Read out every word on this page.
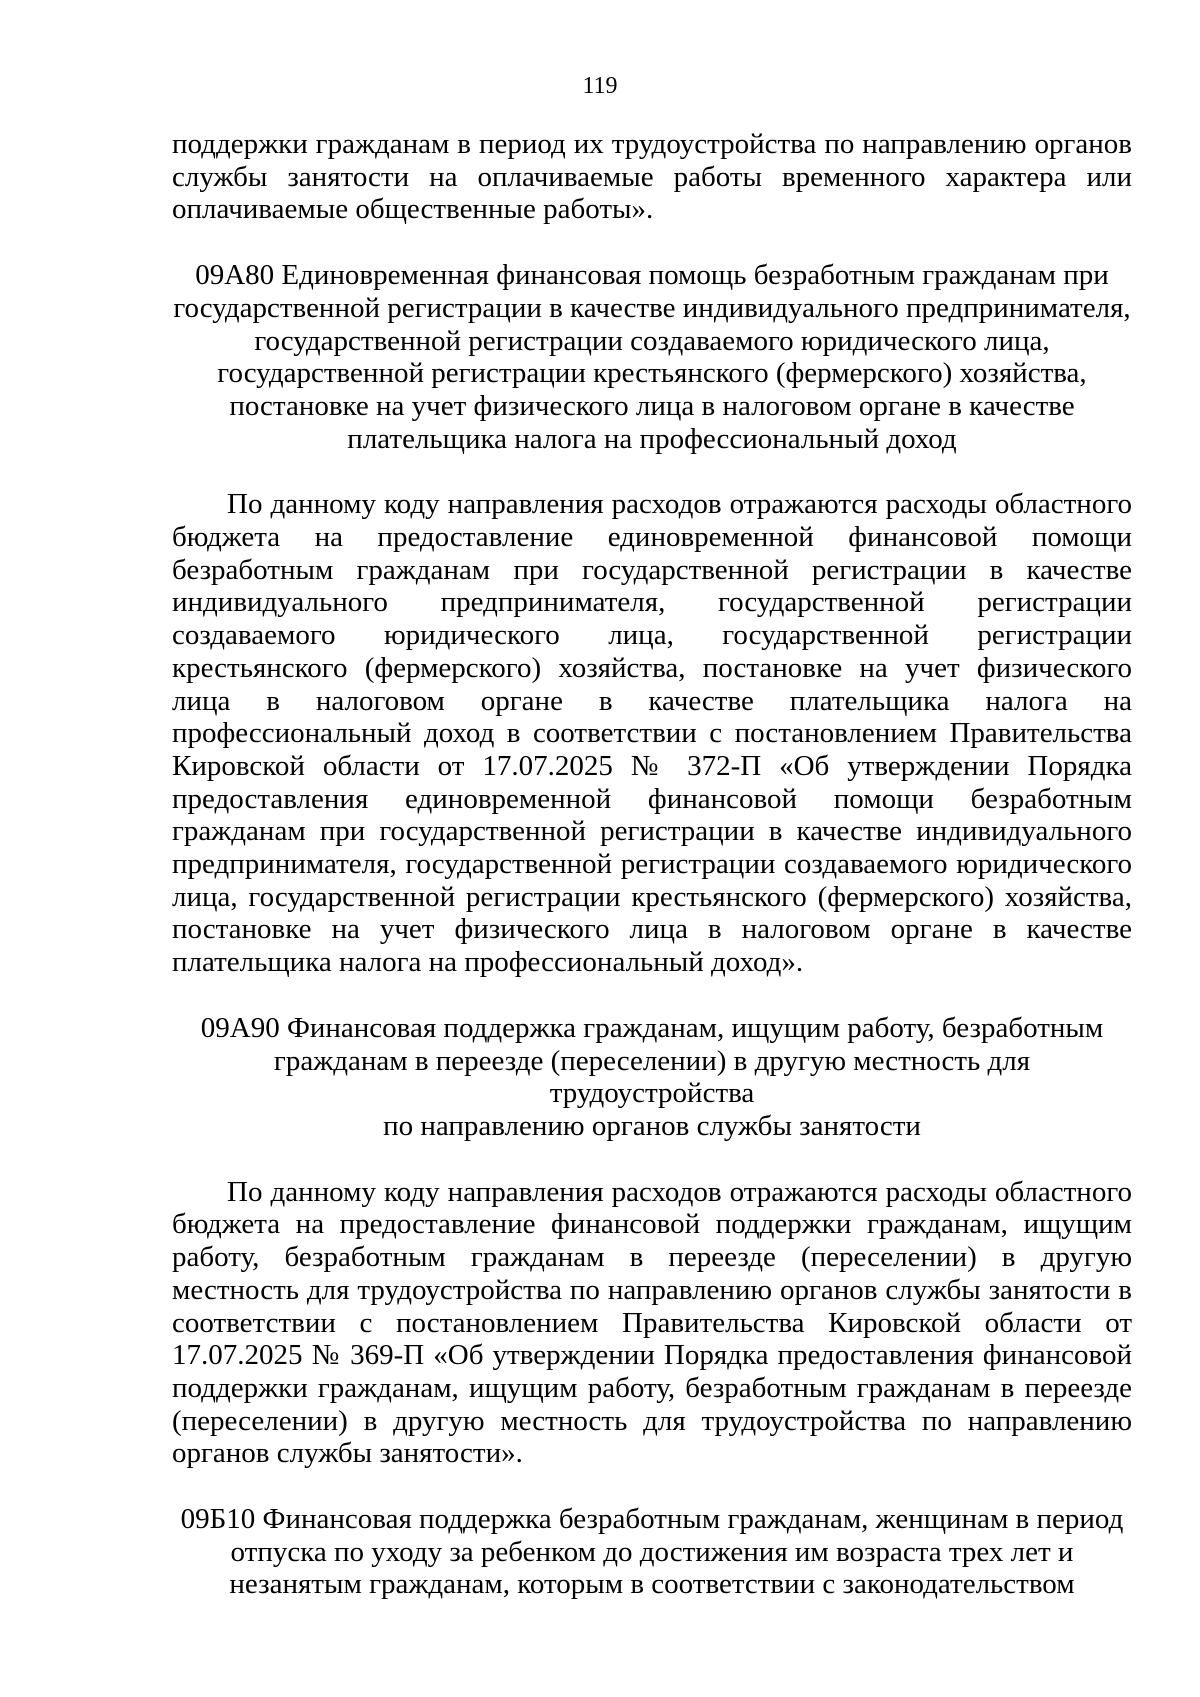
119

поддержки гражданам в период их трудоустройства по направлению органов службы занятости на оплачиваемые работы временного характера или оплачиваемые общественные работы».

09А80 Единовременная финансовая помощь безработным гражданам при
государственной регистрации в качестве индивидуального предпринимателя,
государственной регистрации создаваемого юридического лица,
государственной регистрации крестьянского (фермерского) хозяйства,
постановке на учет физического лица в налоговом органе в качестве
плательщика налога на профессиональный доход

По данному коду направления расходов отражаются расходы областного бюджета на предоставление единовременной финансовой помощи безработным гражданам при государственной регистрации в качестве индивидуального предпринимателя, государственной регистрации создаваемого юридического лица, государственной регистрации крестьянского (фермерского) хозяйства, постановке на учет физического лица в налоговом органе в качестве плательщика налога на профессиональный доход в соответствии с постановлением Правительства Кировской области от 17.07.2025 № 372-П «Об утверждении Порядка предоставления единовременной финансовой помощи безработным гражданам при государственной регистрации в качестве индивидуального предпринимателя, государственной регистрации создаваемого юридического лица, государственной регистрации крестьянского (фермерского) хозяйства, постановке на учет физического лица в налоговом органе в качестве плательщика налога на профессиональный доход».

09А90 Финансовая поддержка гражданам, ищущим работу, безработным
гражданам в переезде (переселении) в другую местность для трудоустройства
по направлению органов службы занятости

По данному коду направления расходов отражаются расходы областного бюджета на предоставление финансовой поддержки гражданам, ищущим работу, безработным гражданам в переезде (переселении) в другую местность для трудоустройства по направлению органов службы занятости в соответствии с постановлением Правительства Кировской области от 17.07.2025 № 369-П «Об утверждении Порядка предоставления финансовой поддержки гражданам, ищущим работу, безработным гражданам в переезде (переселении) в другую местность для трудоустройства по направлению органов службы занятости».

09Б10 Финансовая поддержка безработным гражданам, женщинам в период
отпуска по уходу за ребенком до достижения им возраста трех лет и
незанятым гражданам, которым в соответствии с законодательством
